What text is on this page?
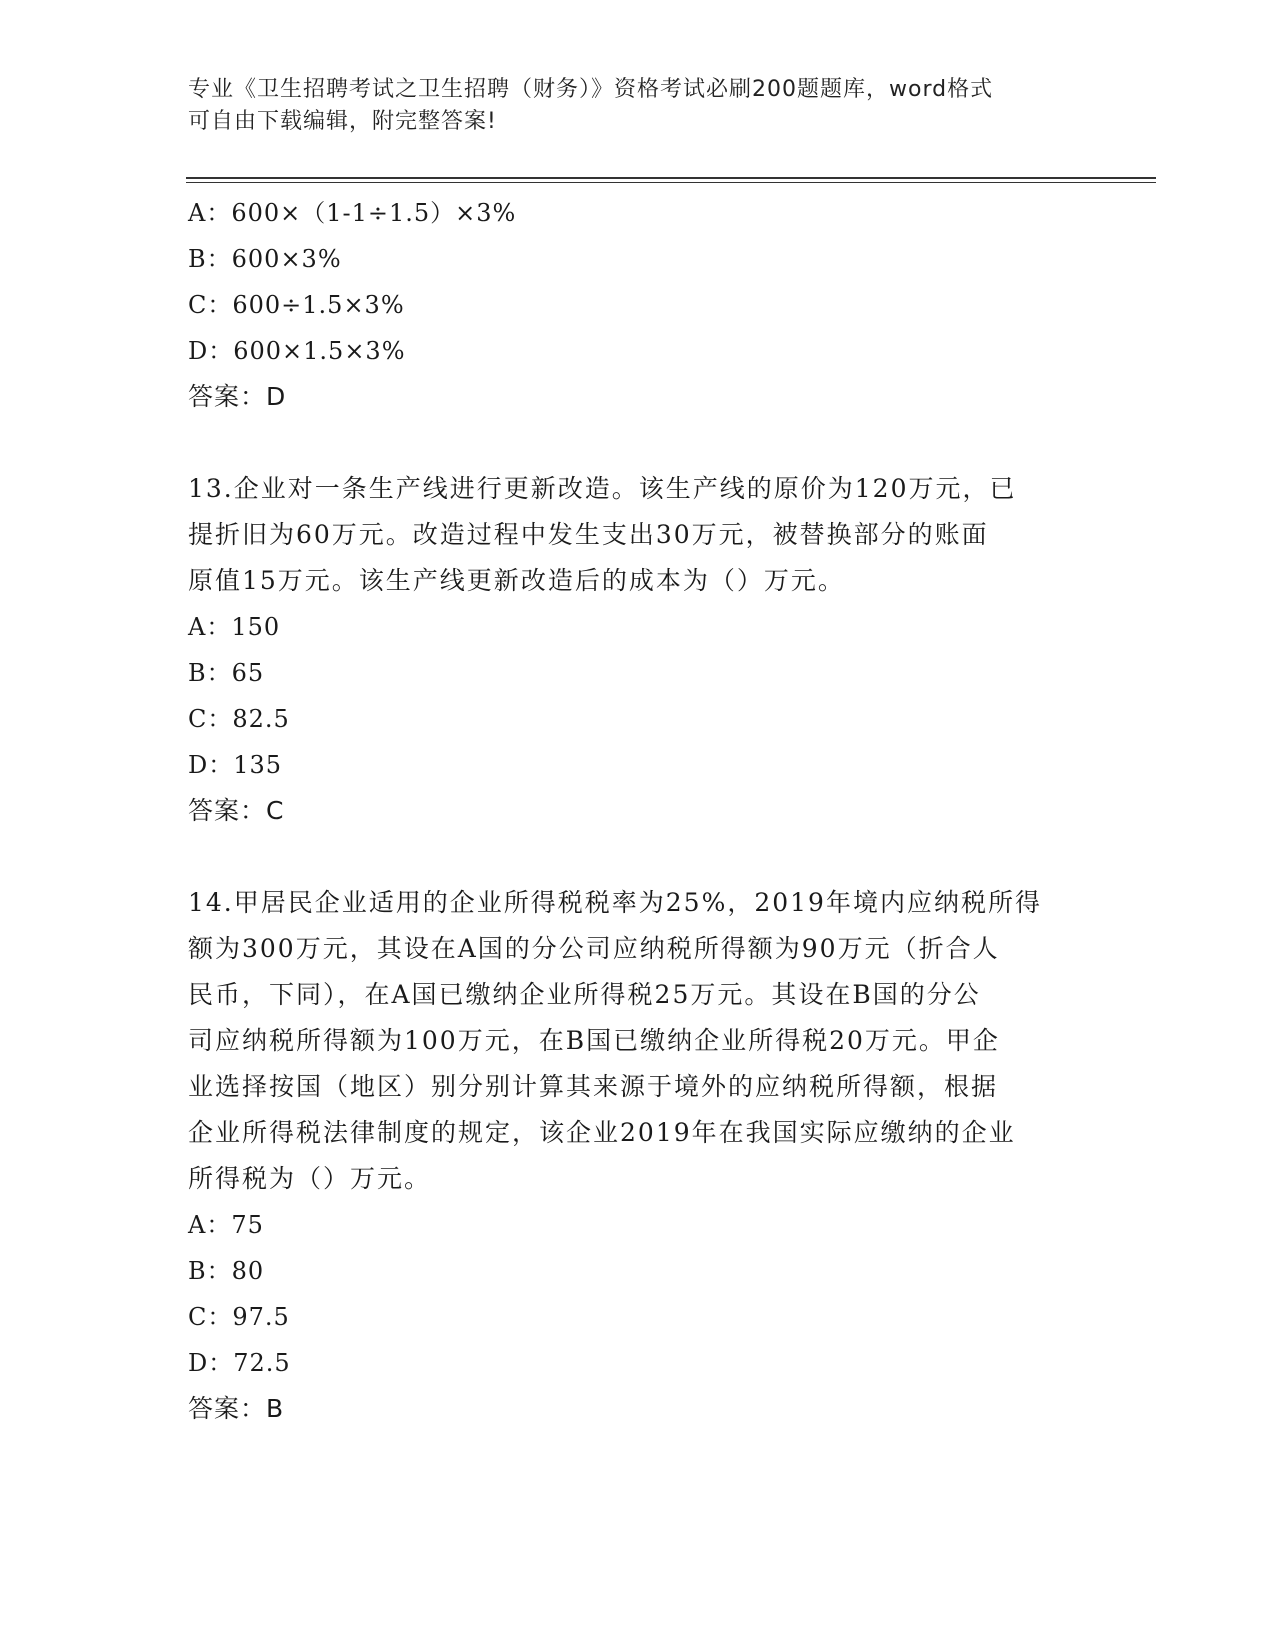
专业《卫生招聘考试之卫生招聘（财务）》资格考试必刷200题题库，word格式
可自由下载编辑，附完整答案!
A：600×（1-1÷1.5）×3%
B：600×3%
C：600÷1.5×3%
D：600×1.5×3%
答案：D
13.企业对一条生产线进行更新改造。该生产线的原价为120万元，已
提折旧为60万元。改造过程中发生支出30万元，被替换部分的账面
原值15万元。该生产线更新改造后的成本为（）万元。
A：150
B：65
C：82.5
D：135
答案：C
14.甲居民企业适用的企业所得税税率为25%，2019年境内应纳税所得
额为300万元，其设在A国的分公司应纳税所得额为90万元（折合人
民币，下同），在A国已缴纳企业所得税25万元。其设在B国的分公
司应纳税所得额为100万元，在B国已缴纳企业所得税20万元。甲企
业选择按国（地区）别分别计算其来源于境外的应纳税所得额，根据
企业所得税法律制度的规定，该企业2019年在我国实际应缴纳的企业
所得税为（）万元。
A：75
B：80
C：97.5
D：72.5
答案：B
